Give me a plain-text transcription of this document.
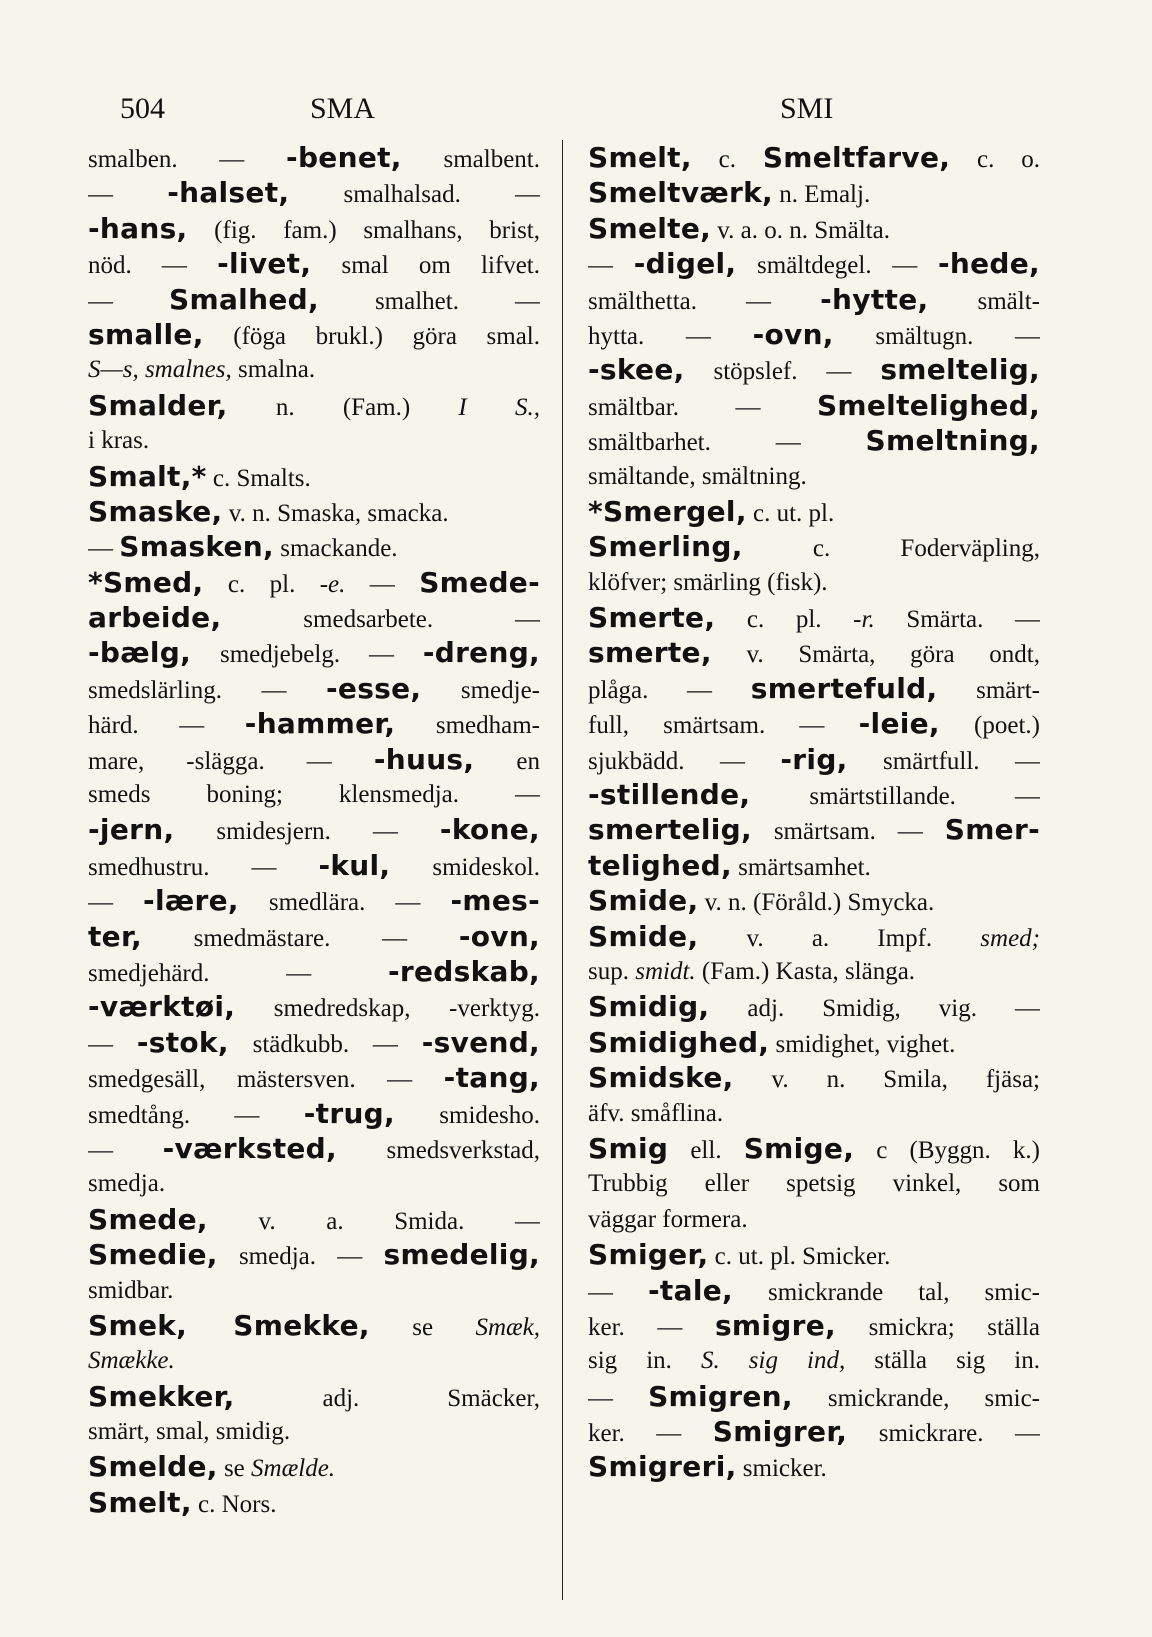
504	SMA	SMI
smalben. — -benet, smalbent.
— -halset, smalhalsad. —
-hans, (fig. fam.) smalhans, brist,
nöd. — -livet, smal om lifvet.
— Smalhed, smalhet. —
smalle, (föga brukl.) göra smal.
S—s, smalnes, smalna.
Smalder, n. (Fam.) I S.,
i kras.
Smalt,* c. Smalts.
Smaske, v. n. Smaska, smacka.
— Smasken, smackande.
*Smed, c. pl. -e. — Smede-
arbeide, smedsarbete. —
-bælg, smedjebelg. — -dreng,
smedslärling. — -esse, smedje-
härd. — -hammer, smedham-
mare, -slägga. — -huus, en
smeds boning; klensmedja. —
-jern, smidesjern. — -kone,
smedhustru. — -kul, smideskol.
— -lære, smedlära. — -mes-
ter, smedmästare. — -ovn,
smedjehärd. — -redskab,
-værktøi, smedredskap, -verktyg.
— -stok, städkubb. — -svend,
smedgesäll, mästersven. — -tang,
smedtång. — -trug, smidesho.
— -værksted, smedsverkstad,
smedja.
Smede, v. a. Smida. —
Smedie, smedja. — smedelig,
smidbar.
Smek, Smekke, se Smæk,
Smække.
Smekker, adj. Smäcker,
smärt, smal, smidig.
Smelde, se Smælde.
Smelt, c. Nors.
Smelt, c. Smeltfarve, c. o.
Smeltværk, n. Emalj.
Smelte, v. a. o. n. Smälta.
— -digel, smältdegel. — -hede,
smälthetta. — -hytte, smält-
hytta. — -ovn, smältugn. —
-skee, stöpslef. — smeltelig,
smältbar. — Smeltelighed,
smältbarhet. — Smeltning,
smältande, smältning.
*Smergel, c. ut. pl.
Smerling, c. Foderväpling,
klöfver; smärling (fisk).
Smerte, c. pl. -r. Smärta. —
smerte, v. Smärta, göra ondt,
plåga. — smertefuld, smärt-
full, smärtsam. — -leie, (poet.)
sjukbädd. — -rig, smärtfull. —
-stillende, smärtstillande. —
smertelig, smärtsam. — Smer-
telighed, smärtsamhet.
Smide, v. n. (Föråld.) Smycka.
Smide, v. a. Impf. smed;
sup. smidt. (Fam.) Kasta, slänga.
Smidig, adj. Smidig, vig. —
Smidighed, smidighet, vighet.
Smidske, v. n. Smila, fjäsa;
äfv. småflina.
Smig ell. Smige, c (Byggn. k.)
Trubbig eller spetsig vinkel, som
väggar formera.
Smiger, c. ut. pl. Smicker.
— -tale, smickrande tal, smic-
ker. — smigre, smickra; ställa
sig in. S. sig ind, ställa sig in.
— Smigren, smickrande, smic-
ker. — Smigrer, smickrare. —
Smigreri, smicker.
